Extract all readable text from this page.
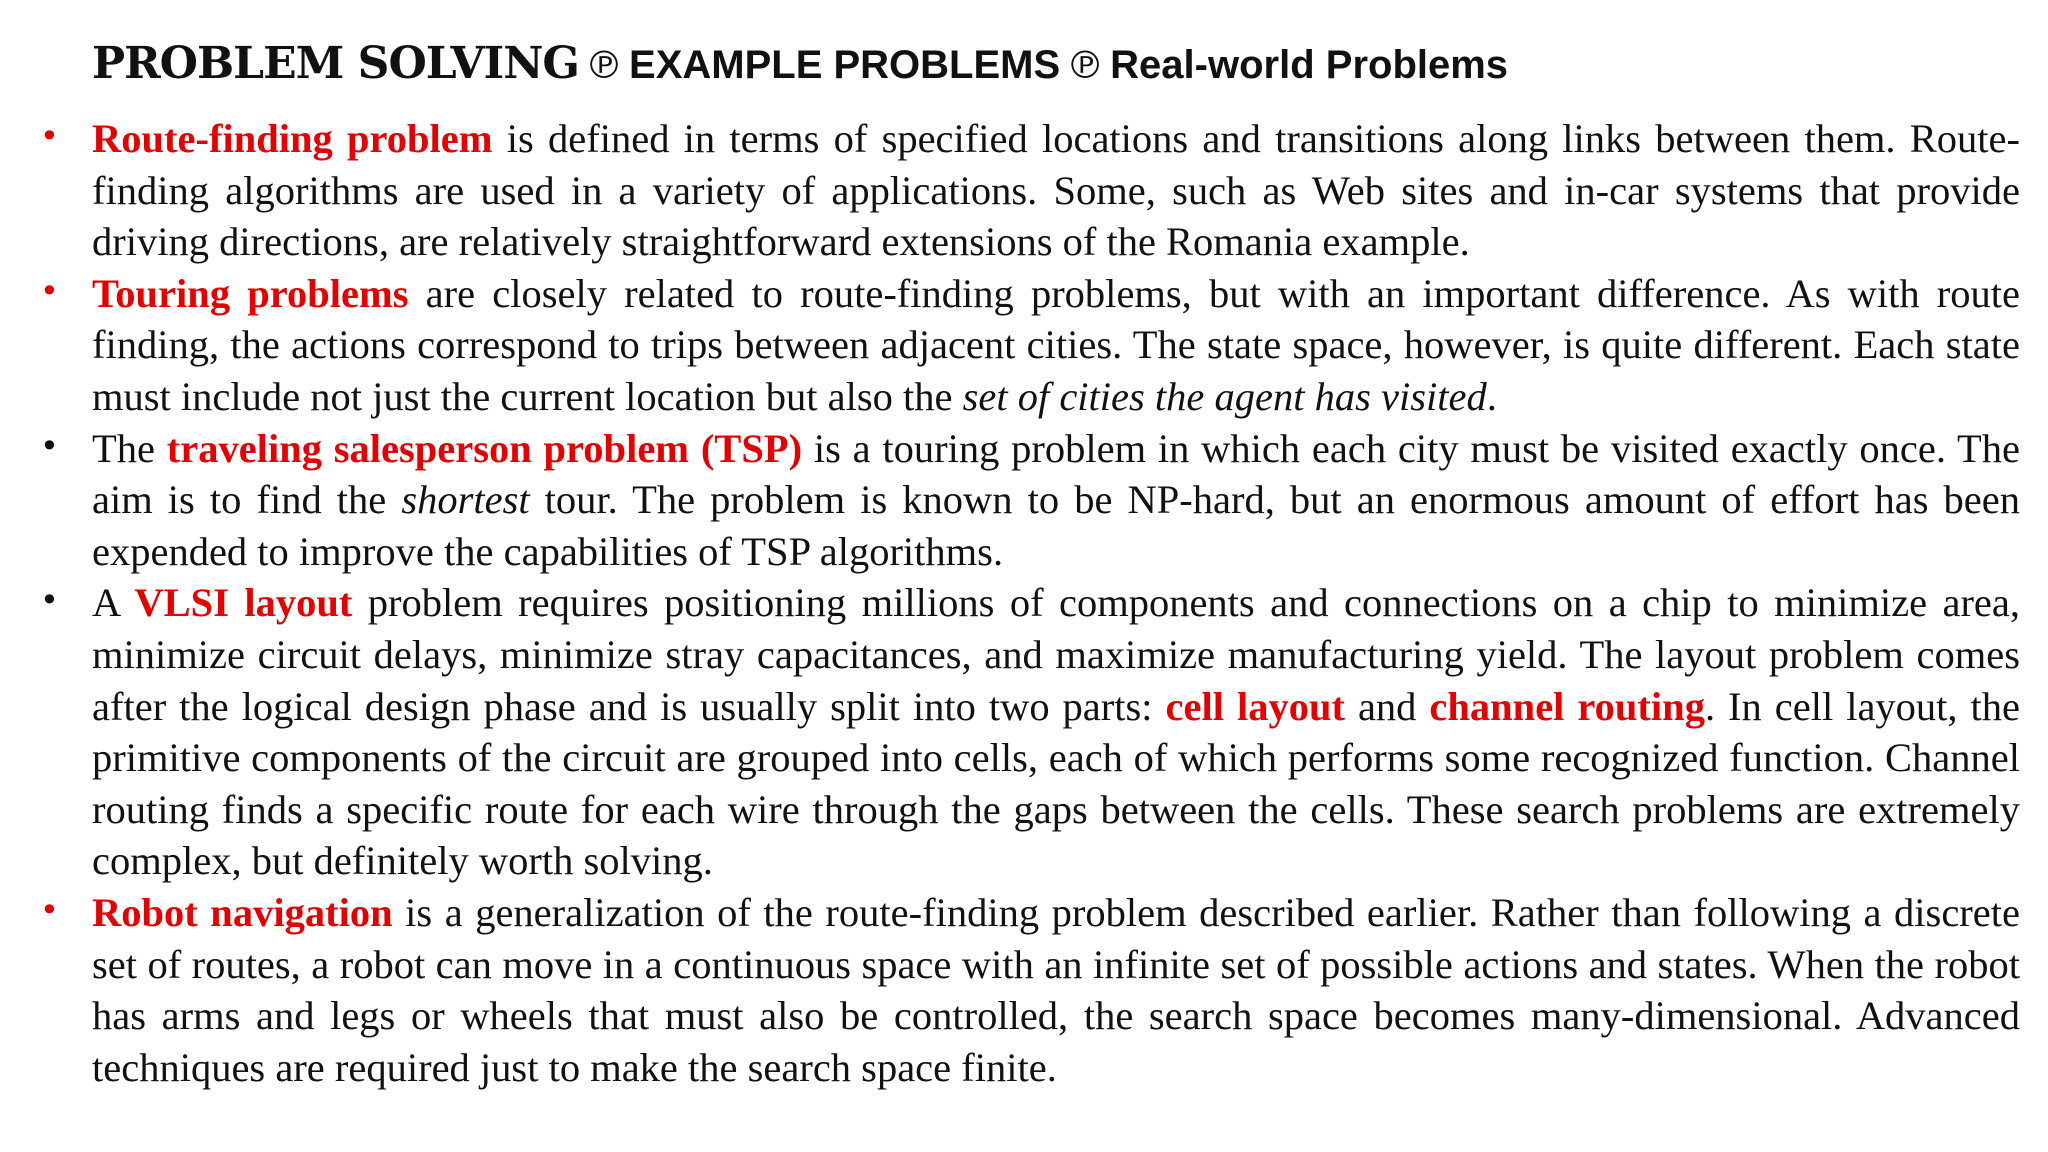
PROBLEM SOLVING ℗ EXAMPLE PROBLEMS ℗ Real-world Problems
• Route-finding problem is defined in terms of specified locations and transitions along links between them. Route-finding algorithms are used in a variety of applications. Some, such as Web sites and in-car systems that provide driving directions, are relatively straightforward extensions of the Romania example.
• Touring problems are closely related to route-finding problems, but with an important difference. As with route finding, the actions correspond to trips between adjacent cities. The state space, however, is quite different. Each state must include not just the current location but also the set of cities the agent has visited.
• The traveling salesperson problem (TSP) is a touring problem in which each city must be visited exactly once. The aim is to find the shortest tour. The problem is known to be NP-hard, but an enormous amount of effort has been expended to improve the capabilities of TSP algorithms.
• A VLSI layout problem requires positioning millions of components and connections on a chip to minimize area, minimize circuit delays, minimize stray capacitances, and maximize manufacturing yield. The layout problem comes after the logical design phase and is usually split into two parts: cell layout and channel routing. In cell layout, the primitive components of the circuit are grouped into cells, each of which performs some recognized function. Channel routing finds a specific route for each wire through the gaps between the cells. These search problems are extremely complex, but definitely worth solving.
• Robot navigation is a generalization of the route-finding problem described earlier. Rather than following a discrete set of routes, a robot can move in a continuous space with an infinite set of possible actions and states. When the robot has arms and legs or wheels that must also be controlled, the search space becomes many-dimensional. Advanced techniques are required just to make the search space finite.
